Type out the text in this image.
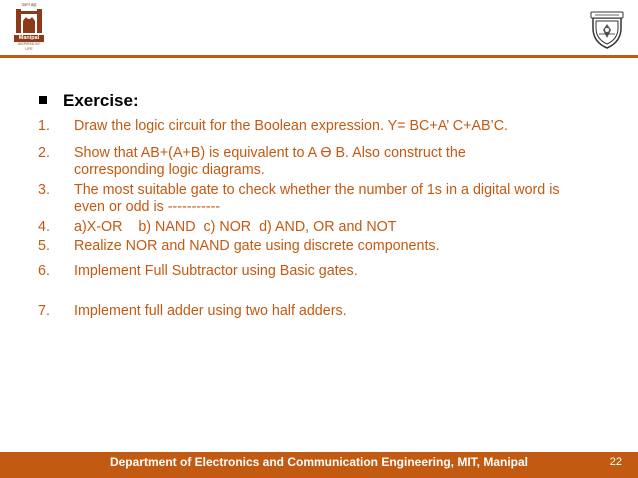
प्रज्ञानं ब्रह्म
Manipal
INSPIRED BY LIFE
Exercise:
1.	Draw the logic circuit for the Boolean expression. Y= BC+A’ C+AB’C.
2.	Show that AB+(A+B) is equivalent to A ϴ B. Also construct the corresponding logic diagrams.
3.	The most suitable gate to check whether the number of 1s in a digital word is even or odd is -----------
4.	a)X-OR    b) NAND  c) NOR  d) AND, OR and NOT
5.	Realize NOR and NAND gate using discrete components.
6.	Implement Full Subtractor using Basic gates.
7.	Implement full adder using two half adders.
Department of Electronics and Communication Engineering, MIT, Manipal	22
